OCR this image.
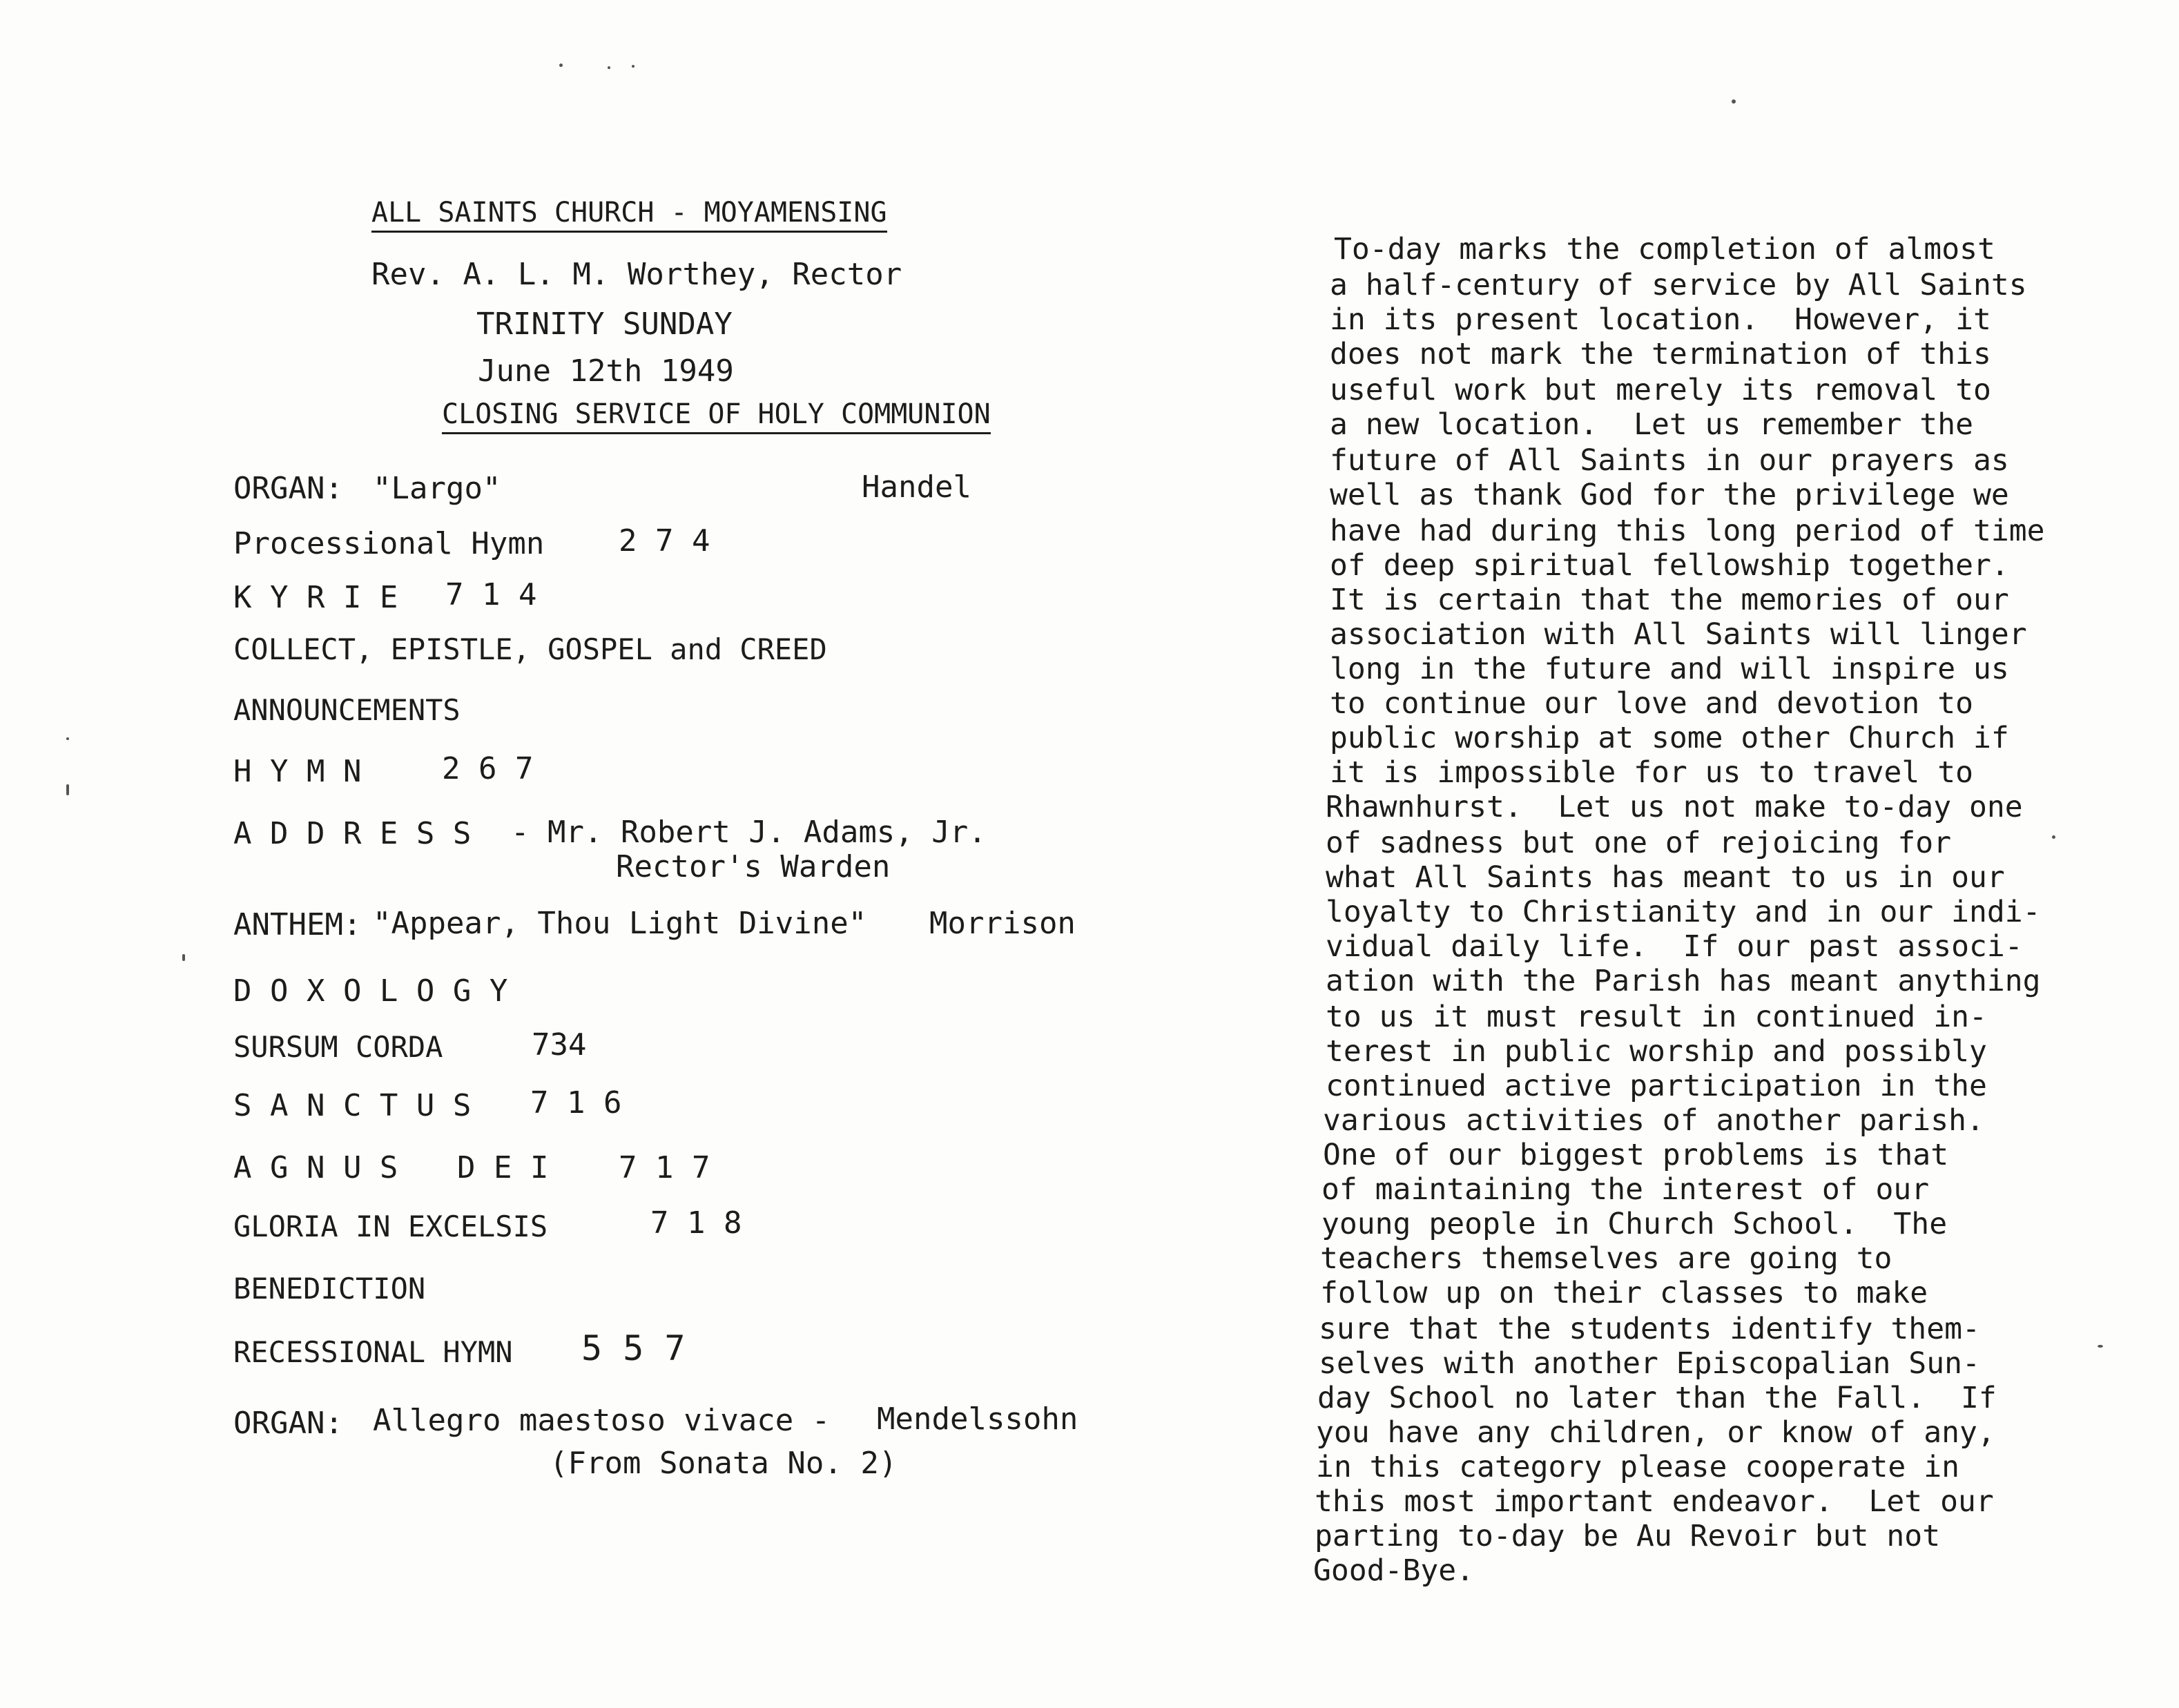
ALL SAINTS CHURCH - MOYAMENSING
Rev. A. L. M. Worthey, Rector
TRINITY SUNDAY
June 12th 1949
CLOSING SERVICE OF HOLY COMMUNION
ORGAN: "Largo"	Handel
Processional Hymn 2 7 4
K Y R I E 7 1 4
COLLECT, EPISTLE, GOSPEL and CREED
ANNOUNCEMENTS
H Y M N	2 6 7
A D D R E S S - Mr. Robert J. Adams, Jr.
Rector's Warden
ANTHEM: "Appear, Thou Light Divine" Morrison
D O X O L O G Y
SURSUM CORDA	734
S A N C T U S 7 1 6
A G N U S D E I 7 1 7
GLORIA IN EXCELSIS	7 1 8
BENEDICTION
RECESSIONAL HYMN 5 5 7
ORGAN: Allegro maestoso vivace - Mendelssohn
(From Sonata No. 2)
To-day marks the completion of almost
a half-century of service by All Saints
in its present location.  However, it
does not mark the termination of this
useful work but merely its removal to
a new location.  Let us remember the
future of All Saints in our prayers as
well as thank God for the privilege we
have had during this long period of time
of deep spiritual fellowship together.
It is certain that the memories of our
association with All Saints will linger
long in the future and will inspire us
to continue our love and devotion to
public worship at some other Church if
it is impossible for us to travel to
Rhawnhurst.  Let us not make to-day one
of sadness but one of rejoicing for
what All Saints has meant to us in our
loyalty to Christianity and in our indi-
vidual daily life.  If our past associ-
ation with the Parish has meant anything
to us it must result in continued in-
terest in public worship and possibly
continued active participation in the
various activities of another parish.
One of our biggest problems is that
of maintaining the interest of our
young people in Church School.  The
teachers themselves are going to
follow up on their classes to make
sure that the students identify them-
selves with another Episcopalian Sun-
day School no later than the Fall.  If
you have any children, or know of any,
in this category please cooperate in
this most important endeavor.  Let our
parting to-day be Au Revoir but not
Good-Bye.
